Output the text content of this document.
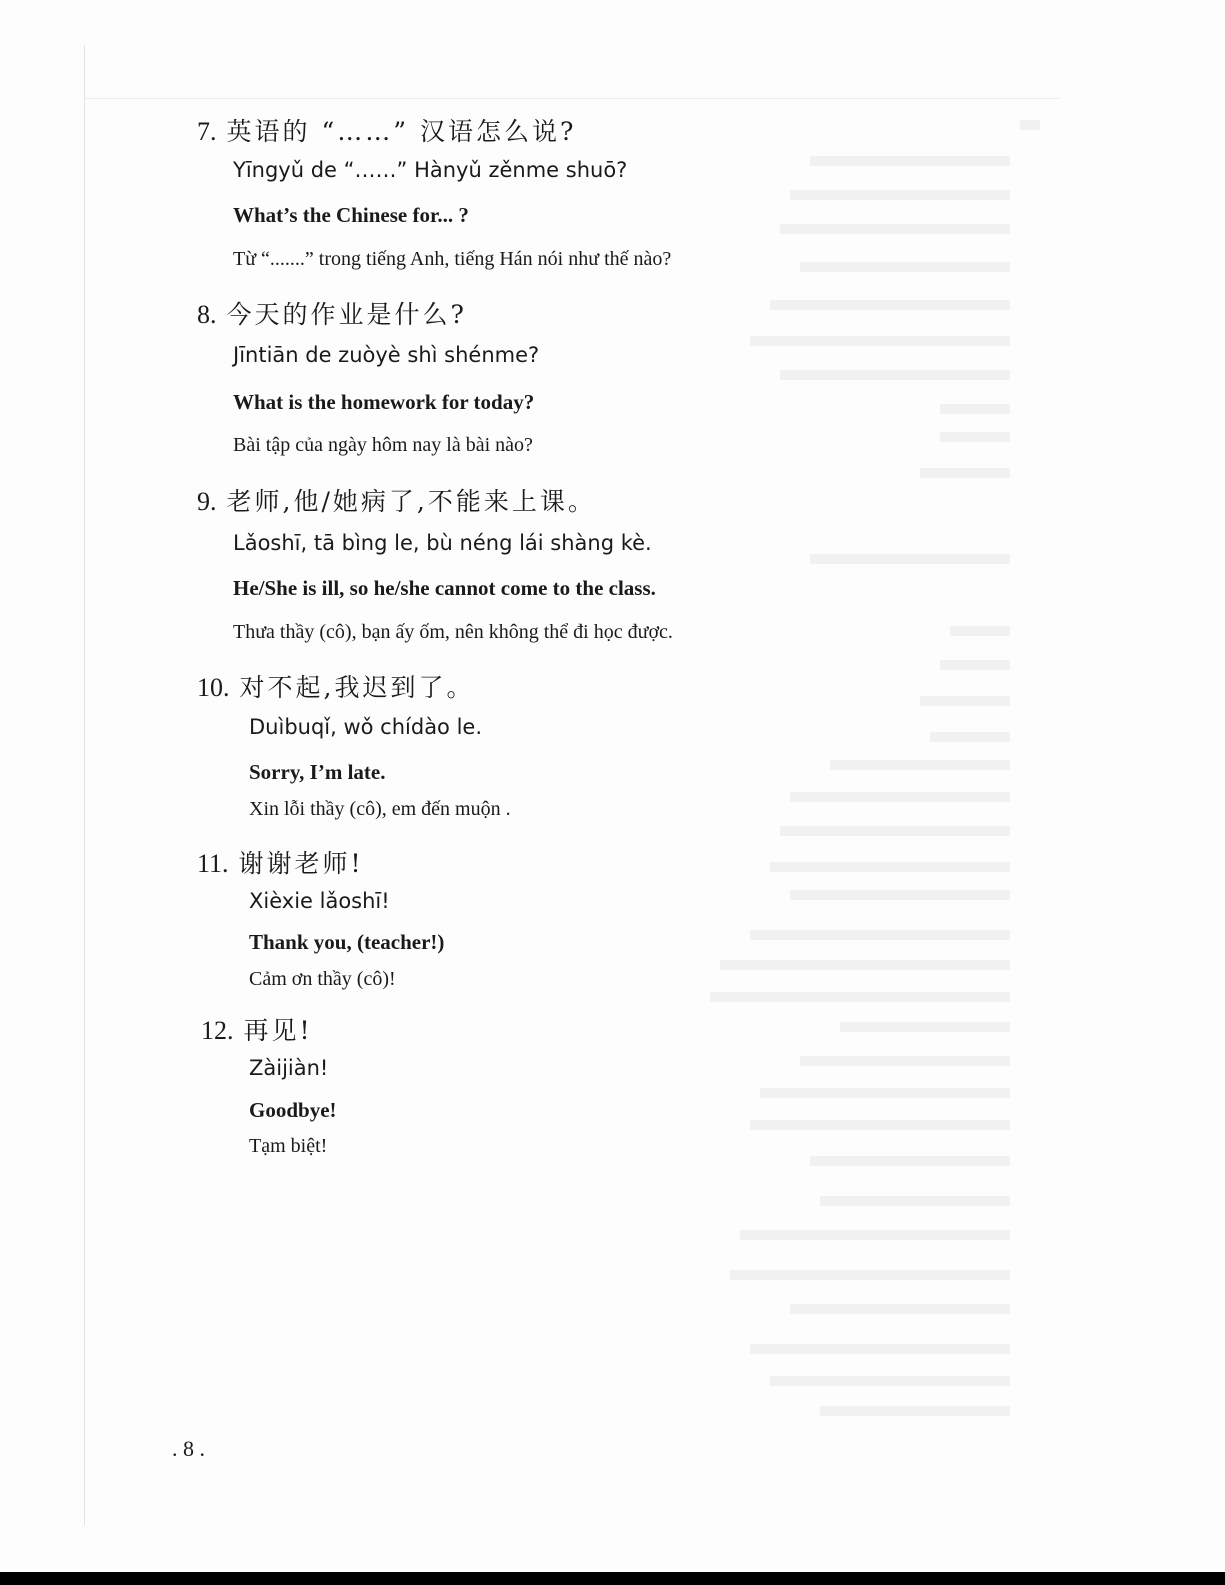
7. 英语的 “……” 汉语怎么说?
Yīngyǔ de “……” Hànyǔ zěnme shuō?
What’s the Chinese for... ?
Từ “.......” trong tiếng Anh, tiếng Hán nói như thế nào?
8. 今天的作业是什么?
Jīntiān de zuòyè shì shénme?
What is the homework for today?
Bài tập của ngày hôm nay là bài nào?
9. 老师,他/她病了,不能来上课。
Lǎoshī, tā bìng le, bù néng lái shàng kè.
He/She is ill, so he/she cannot come to the class.
Thưa thầy (cô), bạn ấy ốm, nên không thể đi học được.
10. 对不起,我迟到了。
Duìbuqǐ, wǒ chídào le.
Sorry, I’m late.
Xin lỗi thầy (cô), em đến muộn .
11. 谢谢老师!
Xièxie lǎoshī!
Thank you, (teacher!)
Cảm ơn thầy (cô)!
12. 再见!
Zàijiàn!
Goodbye!
Tạm biệt!
. 8 .
